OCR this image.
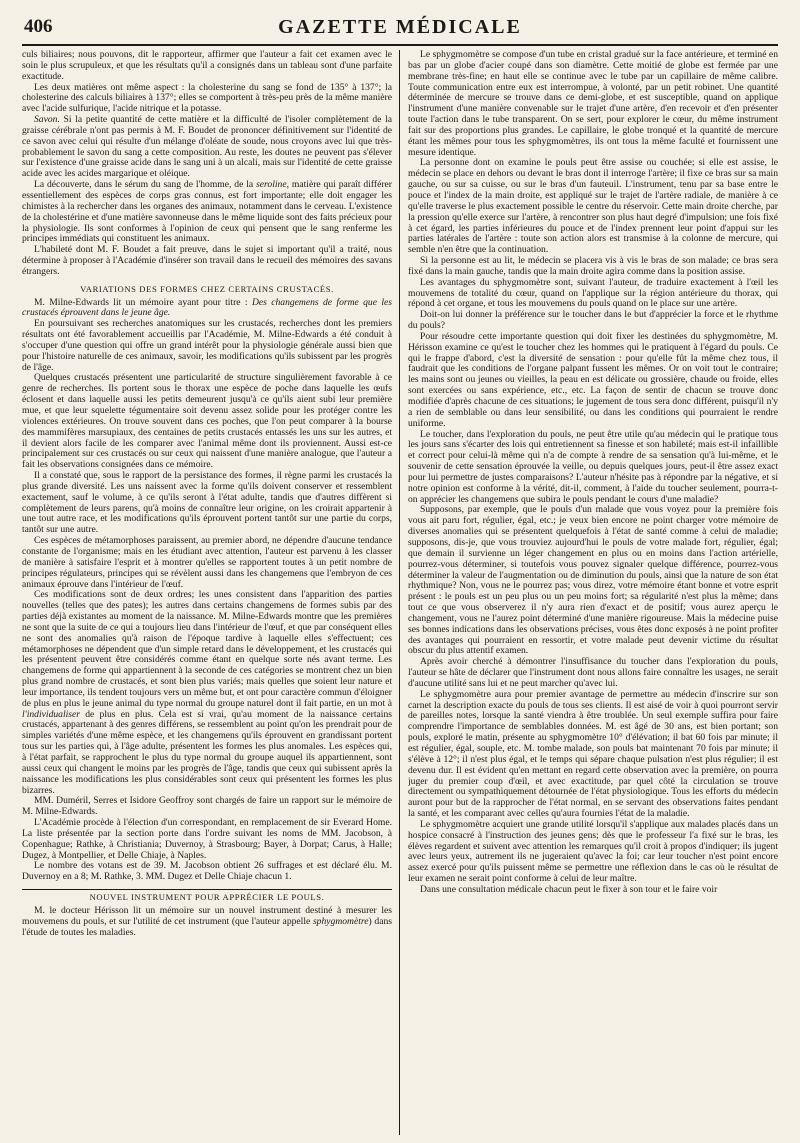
406	GAZETTE MÉDICALE

culs biliaires; nous pouvons, dit le rapporteur, affirmer que l'auteur a fait cet examen avec le soin le plus scrupuleux, et que les résultats qu'il a consignés dans un tableau sont d'une parfaite exactitude.

Les deux matières ont même aspect : la cholesterine du sang se fond de 135° à 137°; la cholesterine des calculs biliaires à 137°; elles se comportent à très-peu près de la même manière avec l'acide sulfurique, l'acide nitrique et la potasse.

Savon. Si la petite quantité de cette matière et la difficulté de l'isoler complètement de la graisse cérébrale n'ont pas permis à M. F. Boudet de prononcer définitivement sur l'identité de ce savon avec celui qui résulte d'un mélange d'oléate de soude, nous croyons avec lui que très-probablement le savon du sang a cette composition. Au reste, les doutes ne peuvent pas s'élever sur l'existence d'une graisse acide dans le sang uni à un alcali, mais sur l'identité de cette graisse acide avec les acides margarique et oléique.

La découverte, dans le sérum du sang de l'homme, de la seroline, matière qui paraît différer essentiellement des espèces de corps gras connus, est fort importante; elle doit engager les chimistes à la rechercher dans les organes des animaux, notamment dans le cerveau. L'existence de la cholestérine et d'une matière savonneuse dans le même liquide sont des faits précieux pour la physiologie. Ils sont conformes à l'opinion de ceux qui pensent que le sang renferme les principes immédiats qui constituent les animaux.

L'habileté dont M. F. Boudet a fait preuve, dans le sujet si important qu'il a traité, nous détermine à proposer à l'Académie d'insérer son travail dans le recueil des mémoires des savans étrangers.

VARIATIONS DES FORMES CHEZ CERTAINS CRUSTACÉS.

M. Milne-Edwards lit un mémoire ayant pour titre : Des changemens de forme que les crustacés éprouvent dans le jeune âge.

En poursuivant ses recherches anatomiques sur les crustacés, recherches dont les premiers résultats ont été favorablement accueillis par l'Académie, M. Milne-Edwards a été conduit à s'occuper d'une question qui offre un grand intérêt pour la physiologie générale aussi bien que pour l'histoire naturelle de ces animaux, savoir, les modifications qu'ils subissent par les progrès de l'âge.

Quelques crustacés présentent une particularité de structure singulièrement favorable à ce genre de recherches. Ils portent sous le thorax une espèce de poche dans laquelle les œufs éclosent et dans laquelle aussi les petits demeurent jusqu'à ce qu'ils aient subi leur première mue, et que leur squelette tégumentaire soit devenu assez solide pour les protéger contre les violences extérieures. On trouve souvent dans ces poches, que l'on peut comparer à la bourse des mammifères marsupiaux, des centaines de petits crustacés entassés les uns sur les autres, et il devient alors facile de les comparer avec l'animal même dont ils proviennent. Aussi est-ce principalement sur ces crustacés ou sur ceux qui naissent d'une manière analogue, que l'auteur a fait les observations consignées dans ce mémoire.

Il a constaté que, sous le rapport de la persistance des formes, il règne parmi les crustacés la plus grande diversité. Les uns naissent avec la forme qu'ils doivent conserver et ressemblent exactement, sauf le volume, à ce qu'ils seront à l'état adulte, tandis que d'autres diffèrent si complètement de leurs parens, qu'à moins de connaître leur origine, on les croirait appartenir à une tout autre race, et les modifications qu'ils éprouvent portent tantôt sur une partie du corps, tantôt sur une autre.

Ces espèces de métamorphoses paraissent, au premier abord, ne dépendre d'aucune tendance constante de l'organisme; mais en les étudiant avec attention, l'auteur est parvenu à les classer de manière à satisfaire l'esprit et à montrer qu'elles se rapportent toutes à un petit nombre de principes régulateurs, principes qui se révèlent aussi dans les changemens que l'embryon de ces animaux éprouve dans l'intérieur de l'œuf.

Ces modifications sont de deux ordres; les unes consistent dans l'apparition des parties nouvelles (telles que des pates); les autres dans certains changemens de formes subis par des parties déjà existantes au moment de la naissance. M. Milne-Edwards montre que les premières ne sont que la suite de ce qui a toujours lieu dans l'intérieur de l'œuf, et que par conséquent elles ne sont des anomalies qu'à raison de l'époque tardive à laquelle elles s'effectuent; ces métamorphoses ne dépendent que d'un simple retard dans le développement, et les crustacés qui les présentent peuvent être considérés comme étant en quelque sorte nés avant terme. Les changemens de forme qui appartiennent à la seconde de ces catégories se montrent chez un bien plus grand nombre de crustacés, et sont bien plus variés; mais quelles que soient leur nature et leur importance, ils tendent toujours vers un même but, et ont pour caractère commun d'éloigner de plus en plus le jeune animal du type normal du groupe naturel dont il fait partie, en un mot à l'individualiser de plus en plus. Cela est si vrai, qu'au moment de la naissance certains crustacés, appartenant à des genres différens, se ressemblent au point qu'on les prendrait pour de simples variétés d'une même espèce, et les changemens qu'ils éprouvent en grandissant portent tous sur les parties qui, à l'âge adulte, présentent les formes les plus anomales. Les espèces qui, à l'état parfait, se rapprochent le plus du type normal du groupe auquel ils appartiennent, sont aussi ceux qui changent le moins par les progrès de l'âge, tandis que ceux qui subissent après la naissance les modifications les plus considérables sont ceux qui présentent les formes les plus bizarres.

MM. Duméril, Serres et Isidore Geoffroy sont chargés de faire un rapport sur le mémoire de M. Milne-Edwards.

L'Académie procède à l'élection d'un correspondant, en remplacement de sir Everard Home. La liste présentée par la section porte dans l'ordre suivant les noms de MM. Jacobson, à Copenhague; Rathke, à Christiania; Duvernoy, à Strasbourg; Bayer, à Dorpat; Carus, à Halle; Dugez, à Montpellier, et Delle Chiaje, à Naples.

Le nombre des votans est de 39. M. Jacobson obtient 26 suffrages et est déclaré élu. M. Duvernoy en a 8; M. Rathke, 3. MM. Dugez et Delle Chiaje chacun 1.

NOUVEL INSTRUMENT POUR APPRÉCIER LE POULS.

M. le docteur Hérisson lit un mémoire sur un nouvel instrument destiné à mesurer les mouvemens du pouls, et sur l'utilité de cet instrument (que l'auteur appelle sphygmomètre) dans l'étude de toutes les maladies.

Le sphygmomètre se compose d'un tube en cristal gradué sur la face antérieure, et terminé en bas par un globe d'acier coupé dans son diamètre. Cette moitié de globe est fermée par une membrane très-fine; en haut elle se continue avec le tube par un capillaire de même calibre. Toute communication entre eux est interrompue, à volonté, par un petit robinet. Une quantité déterminée de mercure se trouve dans ce demi-globe, et est susceptible, quand on applique l'instrument d'une manière convenable sur le trajet d'une artère, d'en recevoir et d'en présenter toute l'action dans le tube transparent. On se sert, pour explorer le cœur, du même instrument fait sur des proportions plus grandes. Le capillaire, le globe tronqué et la quantité de mercure étant les mêmes pour tous les sphygmomètres, ils ont tous la même faculté et fournissent une mesure identique.

La personne dont on examine le pouls peut être assise ou couchée; si elle est assise, le médecin se place en dehors ou devant le bras dont il interroge l'artère; il fixe ce bras sur sa main gauche, ou sur sa cuisse, ou sur le bras d'un fauteuil. L'instrument, tenu par sa base entre le pouce et l'index de la main droite, est appliqué sur le trajet de l'artère radiale, de manière à ce qu'elle traverse le plus exactement possible le centre du réservoir. Cette main droite cherche, par la pression qu'elle exerce sur l'artère, à rencontrer son plus haut degré d'impulsion; une fois fixé à cet égard, les parties inférieures du pouce et de l'index prennent leur point d'appui sur les parties latérales de l'artère : toute son action alors est transmise à la colonne de mercure, qui semble n'en être que la continuation.

Si la personne est au lit, le médecin se placera vis à vis le bras de son malade; ce bras sera fixé dans la main gauche, tandis que la main droite agira comme dans la position assise.

Les avantages du sphygmomètre sont, suivant l'auteur, de traduire exactement à l'œil les mouvemens de totalité du cœur, quand on l'applique sur la région antérieure du thorax, qui répond à cet organe, et tous les mouvemens du pouls quand on le place sur une artère.

Doit-on lui donner la préférence sur le toucher dans le but d'apprécier la force et le rhythme du pouls?

Pour résoudre cette importante question qui doit fixer les destinées du sphygmomètre, M. Hérisson examine ce qu'est le toucher chez les hommes qui le pratiquent à l'égard du pouls. Ce qui le frappe d'abord, c'est la diversité de sensation : pour qu'elle fût la même chez tous, il faudrait que les conditions de l'organe palpant fussent les mêmes. Or on voit tout le contraire; les mains sont ou jeunes ou vieilles, la peau en est délicate ou grossière, chaude ou froide, elles sont exercées ou sans expérience, etc., etc. La façon de sentir de chacun se trouve donc modifiée d'après chacune de ces situations; le jugement de tous sera donc différent, puisqu'il n'y a rien de semblable ou dans leur sensibilité, ou dans les conditions qui pourraient le rendre uniforme.

Le toucher, dans l'exploration du pouls, ne peut être utile qu'au médecin qui le pratique tous les jours sans s'écarter des lois qui entretiennent sa finesse et son habileté; mais est-il infaillible et correct pour celui-là même qui n'a de compte à rendre de sa sensation qu'à lui-même, et le souvenir de cette sensation éprouvée la veille, ou depuis quelques jours, peut-il être assez exact pour lui permettre de justes comparaisons? L'auteur n'hésite pas à répondre par la négative, et si notre opinion est conforme à la vérité, dit-il, comment, à l'aide du toucher seulement, pourra-t-on apprécier les changemens que subira le pouls pendant le cours d'une maladie?

Supposons, par exemple, que le pouls d'un malade que vous voyez pour la première fois vous ait paru fort, régulier, égal, etc.; je veux bien encore ne point charger votre mémoire de diverses anomalies qui se présentent quelquefois à l'état de santé comme à celui de maladie; supposons, dis-je, que vous trouviez aujourd'hui le pouls de votre malade fort, régulier, égal; que demain il survienne un léger changement en plus ou en moins dans l'action artérielle, pourrez-vous déterminer, si toutefois vous pouvez signaler quelque différence, pourrez-vous déterminer la valeur de l'augmentation ou de diminution du pouls, ainsi que la nature de son état rhythmique? Non, vous ne le pourrez pas; vous direz, votre mémoire étant bonne et votre esprit présent : le pouls est un peu plus ou un peu moins fort; sa régularité n'est plus la même; dans tout ce que vous observerez il n'y aura rien d'exact et de positif; vous aurez aperçu le changement, vous ne l'aurez point déterminé d'une manière rigoureuse. Mais la médecine puise ses bonnes indications dans les observations précises, vous êtes donc exposés à ne point profiter des avantages qui pourraient en ressortir, et votre malade peut devenir victime du résultat obscur du plus attentif examen.

Après avoir cherché à démontrer l'insuffisance du toucher dans l'exploration du pouls, l'auteur se hâte de déclarer que l'instrument dont nous allons faire connaître les usages, ne serait d'aucune utilité sans lui et ne peut marcher qu'avec lui.

Le sphygmomètre aura pour premier avantage de permettre au médecin d'inscrire sur son carnet la description exacte du pouls de tous ses clients. Il est aisé de voir à quoi pourront servir de pareilles notes, lorsque la santé viendra à être troublée. Un seul exemple suffira pour faire comprendre l'importance de semblables données. M. est âgé de 30 ans, est bien portant; son pouls, exploré le matin, présente au sphygmomètre 10° d'élévation; il bat 60 fois par minute; il est régulier, égal, souple, etc. M. tombe malade, son pouls bat maintenant 70 fois par minute; il s'élève à 12°; il n'est plus égal, et le temps qui sépare chaque pulsation n'est plus régulier; il est devenu dur. Il est évident qu'en mettant en regard cette observation avec la première, on pourra juger du premier coup d'œil, et avec exactitude, par quel côté la circulation se trouve directement ou sympathiquement détournée de l'état physiologique. Tous les efforts du médecin auront pour but de la rapprocher de l'état normal, en se servant des observations faites pendant la santé, et les comparant avec celles qu'aura fournies l'état de la maladie.

Le sphygmomètre acquiert une grande utilité lorsqu'il s'applique aux malades placés dans un hospice consacré à l'instruction des jeunes gens; dès que le professeur l'a fixé sur le bras, les élèves regardent et suivent avec attention les remarques qu'il croit à propos d'indiquer; ils jugent avec leurs yeux, autrement ils ne jugeraient qu'avec la foi; car leur toucher n'est point encore assez exercé pour qu'ils puissent même se permettre une réflexion dans le cas où le résultat de leur examen ne serait point conforme à celui de leur maître.

Dans une consultation médicale chacun peut le fixer à son tour et le faire voir
